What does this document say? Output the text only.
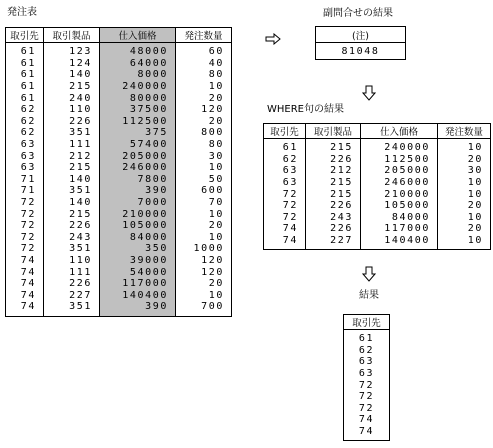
発注表
取引先	取引製品	仕入価格	発注数量

61	123	48000	60
61	124	64000	40
61	140	8000	80
61	215	240000	10
61	240	80000	20
62	110	37500	120
62	226	112500	20
62	351	375	800
63	111	57400	80
63	212	205000	30
63	215	246000	10
71	140	7800	50
71	351	390	600
72	140	7000	70
72	215	210000	10
72	226	105000	20
72	243	84000	10
72	351	350	1000
74	110	39000	120
74	111	54000	120
74	226	117000	20
74	227	140400	10
74	351	390	700

副問合せの結果
(注)
81048
WHERE句の結果
取引先	取引製品	仕入価格	発注数量

61	215	240000	10
62	226	112500	20
63	212	205000	30
63	215	246000	10
72	215	210000	10
72	226	105000	20
72	243	84000	10
74	226	117000	20
74	227	140400	10

結果
取引先

61
62
63
63
72
72
72
74
74
